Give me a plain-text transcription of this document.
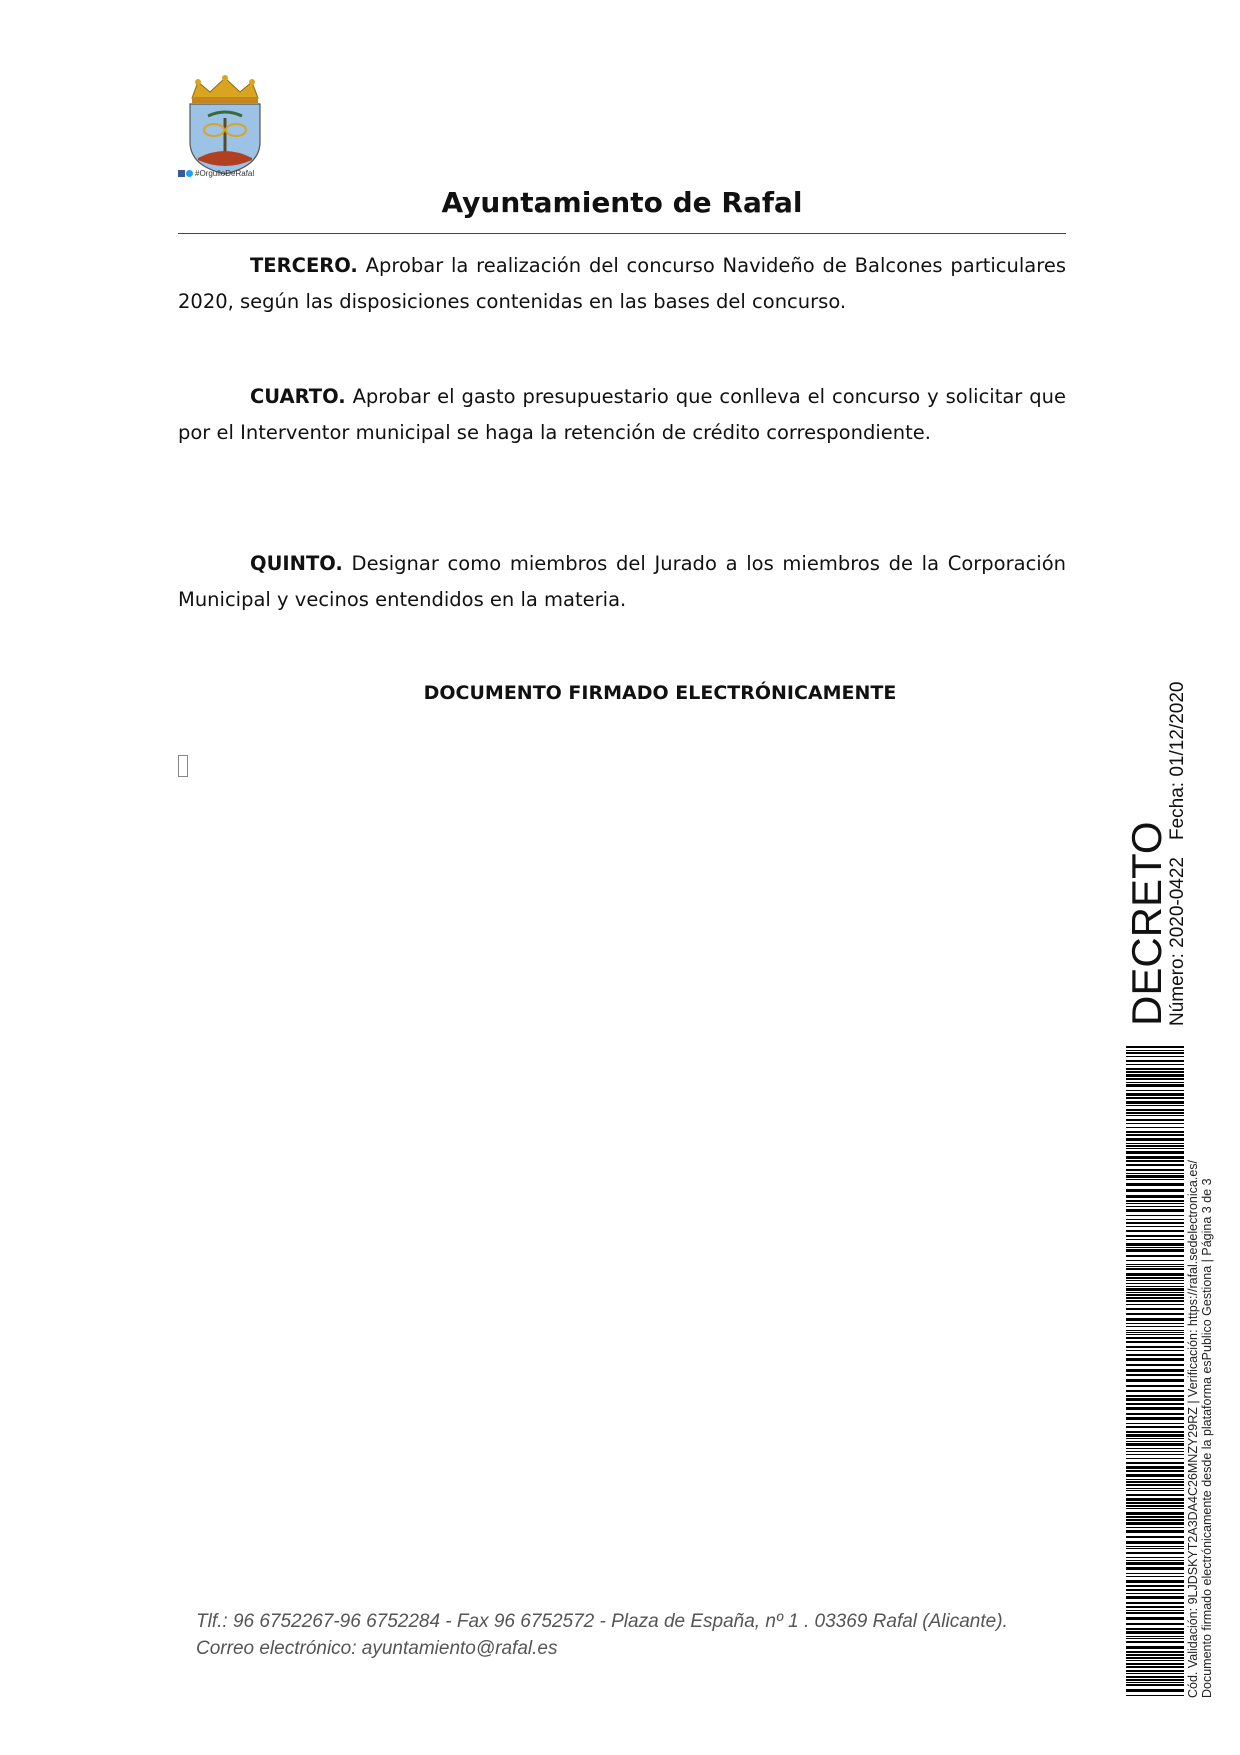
#OrgulloDeRafal
Ayuntamiento de Rafal

TERCERO. Aprobar la realización del concurso Navideño de Balcones particulares 2020, según las disposiciones contenidas en las bases del concurso.

CUARTO. Aprobar el gasto presupuestario que conlleva el concurso y solicitar que por el Interventor municipal se haga la retención de crédito correspondiente.

QUINTO. Designar como miembros del Jurado a los miembros de la Corporación Municipal y vecinos entendidos en la materia.

DOCUMENTO FIRMADO ELECTRÓNICAMENTE
Tlf.: 96 6752267-96 6752284 - Fax 96 6752572 - Plaza de España, nº 1 . 03369 Rafal (Alicante).
Correo electrónico: ayuntamiento@rafal.es
DECRETO
Número: 2020-0422
Fecha: 01/12/2020
Cód. Validación: 9LJDSKYT2A3DA4C26MNZY29RZ | Verificación: https://rafal.sedelectronica.es/ Documento firmado electrónicamente desde la plataforma esPublico Gestiona | Página 3 de 3
